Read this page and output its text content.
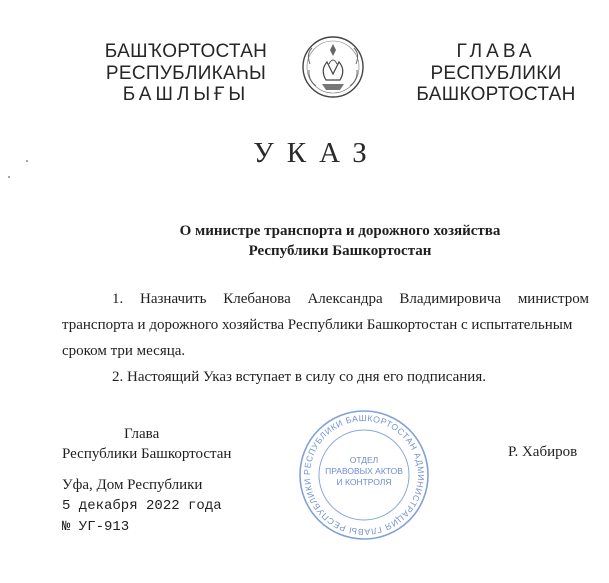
БАШҠОРТОСТАН
РЕСПУБЛИКАҺЫ
БАШЛЫҒЫ
ГЛАВА
РЕСПУБЛИКИ
БАШКОРТОСТАН
УКАЗ
О министре транспорта и дорожного хозяйства
Республики Башкортостан
1. Назначить Клебанова Александра Владимировича министром
транспорта и дорожного хозяйства Республики Башкортостан с испытательным
сроком три месяца.
2. Настоящий Указ вступает в силу со дня его подписания.
Глава
Республики Башкортостан
РЕСПУБЛИКИ БАШКОРТОСТАН АДМИНИСТРАЦИЯ ГЛАВЫ РЕСПУБЛИКИ
ОТДЕЛ
ПРАВОВЫХ АКТОВ
И КОНТРОЛЯ
Р. Хабиров
Уфа, Дом Республики
5 декабря 2022 года
№ УГ-913
